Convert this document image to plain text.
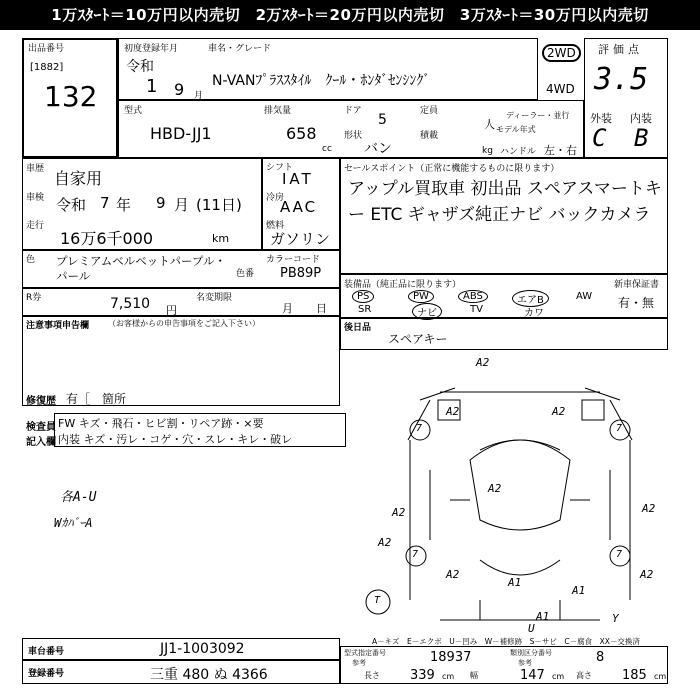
1万ｽﾀｰﾄ＝10万円以内売切　2万ｽﾀｰﾄ＝20万円以内売切　3万ｽﾀｰﾄ＝30万円以内売切
出品番号
[1882]
132
初度登録年月
令和
1 9 月
車名・グレード
N-VANﾌﾟﾗｽｽﾀｲﾙ　ｸｰﾙ・ﾎﾝﾀﾞｾﾝｼﾝｸﾞ
2WD
4WD
評価点
3.5
外装 内装
C B
型式
HBD-JJ1
排気量
658
cc
ドア
5
定員
人
ディーラー・並行
モデル年式
形状
バン
積載
kg ハンドル 左・右
車歴 自家用
車検 令和 7 年 9 月 (11日)
走行
16万6千000	km
シフト
IAT
冷房
AAC
燃料
ガソリン
セールスポイント（正常に機能するものに限ります）
アップル買取車 初出品 スペアスマートキー ETC ギャザズ純正ナビ バックカメラ
色 プレミアムベルベットパープル・パール	色番
カラーコード
PB89P
R券	7,510 円
名変期限
月 日
注意事項申告欄 （お客様からの申告事項をご記入下さい）
修復歴 有［　箇所
装備品（純正品に限ります）	新車保証書
有・無
PS	PW	ABS	エアB	AW
SR	ナビ	TV	カワ
後日品
スペアキー
検査員
記入欄
FW キズ・飛石・ヒビ割・リペア跡・×要
内装 キズ・汚レ・コゲ・穴・スレ・キレ・破レ
各A-U
WｶﾊﾞｰA
A2
A2	A2
A2	A2
A2
A1
A1
A2
A1
A2
Y
A2
U
7	7
7	7
T
A－キズ　E－エクボ　U－凹み　W－補修跡　S－サビ　C－腐食　XX－交換済
車台番号	JJ1-1003092
登録番号	三重 480 ぬ 4366
型式指定番号
参考	18937	類別区分番号
参考	8
長さ 339 cm 幅	147 cm 高さ 185 cm
